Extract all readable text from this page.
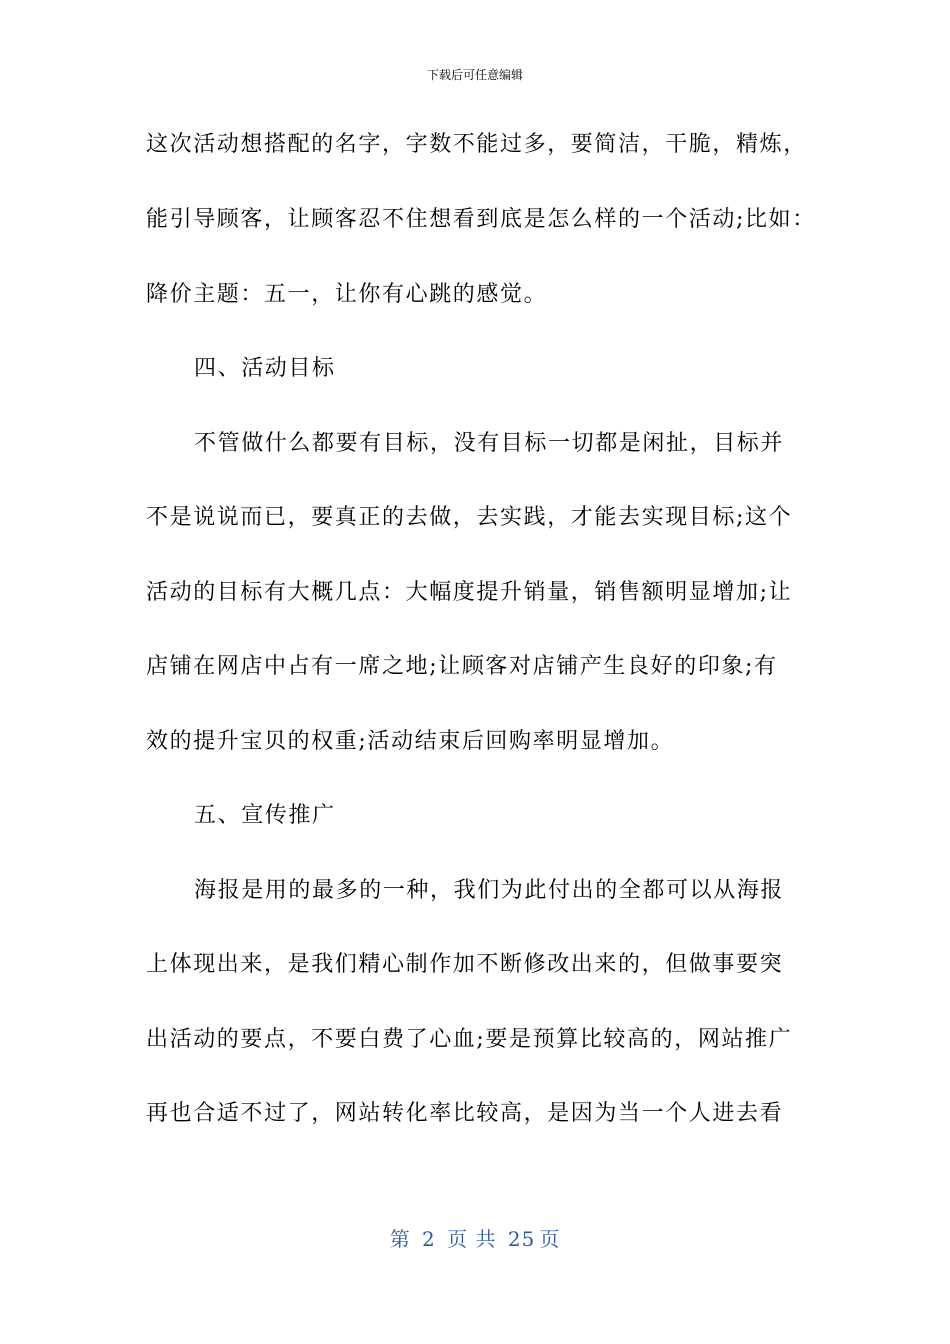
下载后可任意编辑
这次活动想搭配的名字，字数不能过多，要简洁，干脆，精炼，
能引导顾客，让顾客忍不住想看到底是怎么样的一个活动;比如：
降价主题：五一，让你有心跳的感觉。
四、活动目标
不管做什么都要有目标，没有目标一切都是闲扯，目标并
不是说说而已，要真正的去做，去实践，才能去实现目标;这个
活动的目标有大概几点：大幅度提升销量，销售额明显增加;让
店铺在网店中占有一席之地;让顾客对店铺产生良好的印象;有
效的提升宝贝的权重;活动结束后回购率明显增加。
五、宣传推广
海报是用的最多的一种，我们为此付出的全都可以从海报
上体现出来，是我们精心制作加不断修改出来的，但做事要突
出活动的要点，不要白费了心血;要是预算比较高的，网站推广
再也合适不过了，网站转化率比较高，是因为当一个人进去看
第 2 页 共 25 页
